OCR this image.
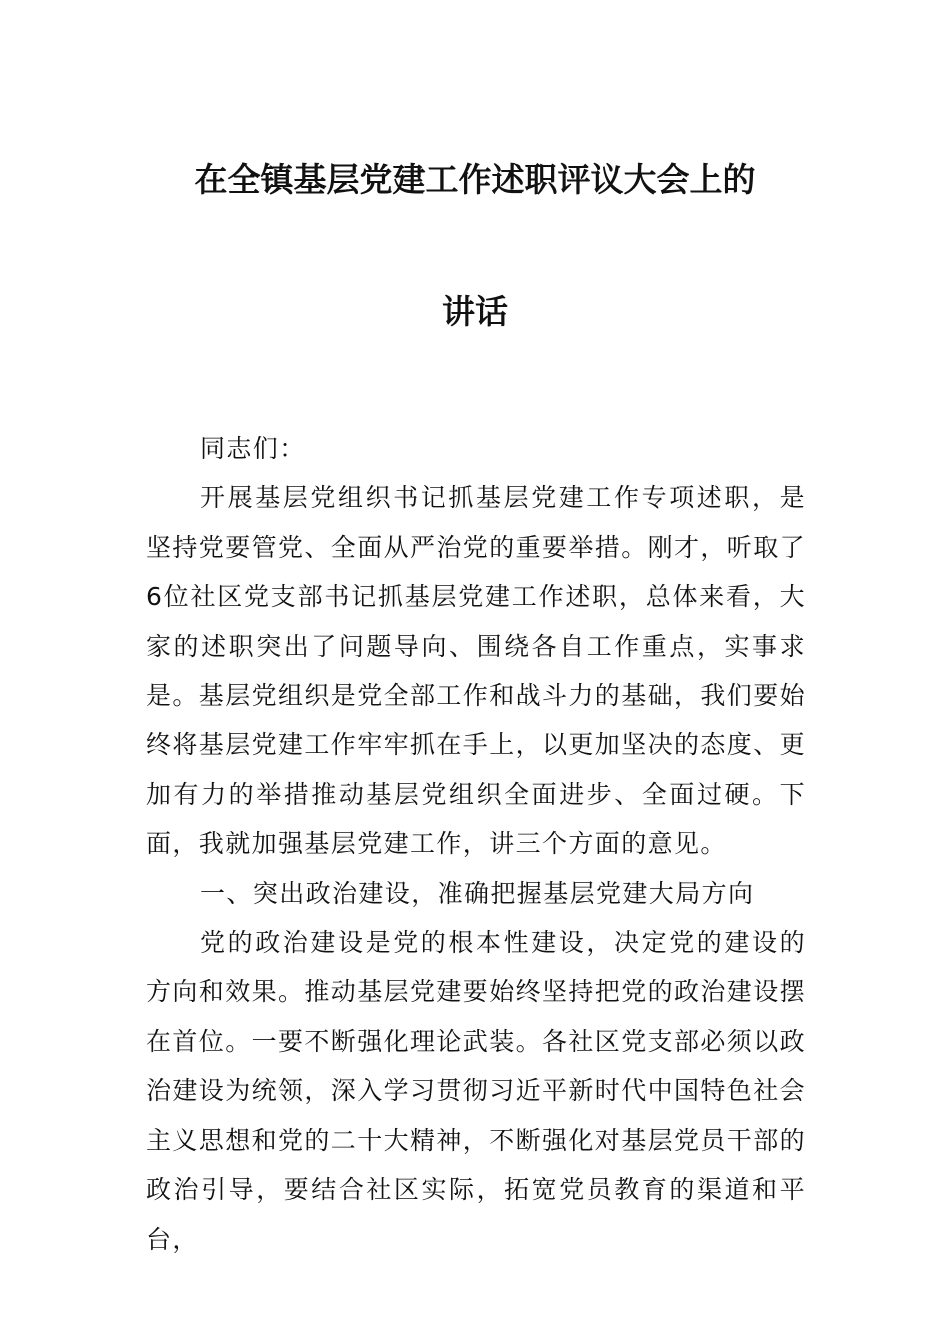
在全镇基层党建工作述职评议大会上的
讲话

同志们：

开展基层党组织书记抓基层党建工作专项述职，是坚持党要管党、全面从严治党的重要举措。刚才，听取了6位社区党支部书记抓基层党建工作述职，总体来看，大家的述职突出了问题导向、围绕各自工作重点，实事求是。基层党组织是党全部工作和战斗力的基础，我们要始终将基层党建工作牢牢抓在手上，以更加坚决的态度、更加有力的举措推动基层党组织全面进步、全面过硬。下面，我就加强基层党建工作，讲三个方面的意见。

一、突出政治建设，准确把握基层党建大局方向

党的政治建设是党的根本性建设，决定党的建设的方向和效果。推动基层党建要始终坚持把党的政治建设摆在首位。一要不断强化理论武装。各社区党支部必须以政治建设为统领，深入学习贯彻习近平新时代中国特色社会主义思想和党的二十大精神，不断强化对基层党员干部的政治引导，要结合社区实际，拓宽党员教育的渠道和平台，
